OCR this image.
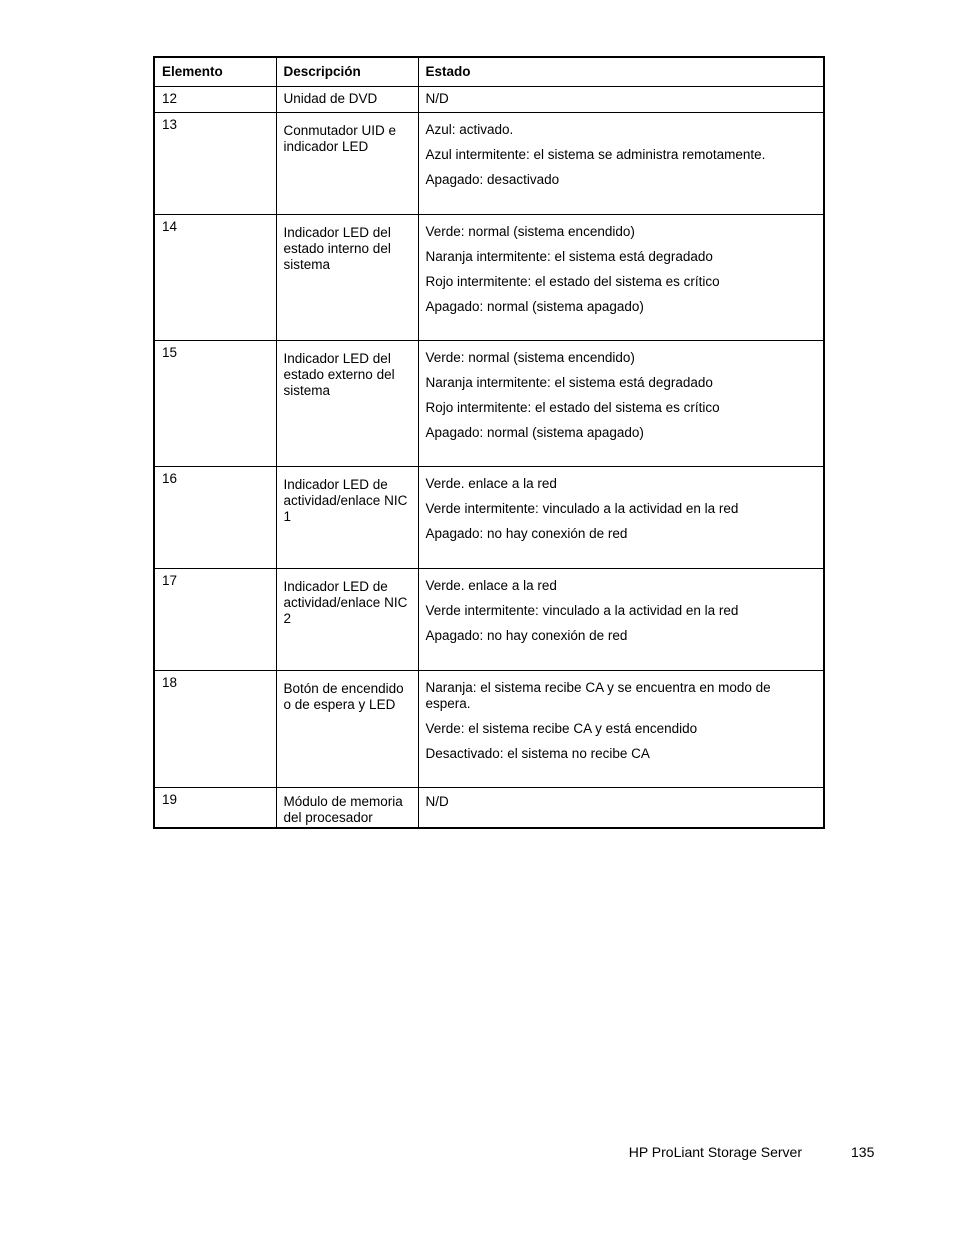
Elemento	Descripción	Estado
12	Unidad de DVD	N/D

13	Conmutador UID e indicador LED	Azul: activado.
Azul intermitente: el sistema se administra remotamente.
Apagado: desactivado

14	Indicador LED del estado interno del sistema	Verde: normal (sistema encendido)
Naranja intermitente: el sistema está degradado
Rojo intermitente: el estado del sistema es crítico
Apagado: normal (sistema apagado)

15	Indicador LED del estado externo del sistema	Verde: normal (sistema encendido)
Naranja intermitente: el sistema está degradado
Rojo intermitente: el estado del sistema es crítico
Apagado: normal (sistema apagado)

16	Indicador LED de actividad/enlace NIC 1	Verde. enlace a la red
Verde intermitente: vinculado a la actividad en la red
Apagado: no hay conexión de red

17	Indicador LED de actividad/enlace NIC 2	Verde. enlace a la red
Verde intermitente: vinculado a la actividad en la red
Apagado: no hay conexión de red

18	Botón de encendido o de espera y LED	Naranja: el sistema recibe CA y se encuentra en modo de espera.
Verde: el sistema recibe CA y está encendido
Desactivado: el sistema no recibe CA

19	Módulo de memoria del procesador	N/D
HP ProLiant Storage Server	135
